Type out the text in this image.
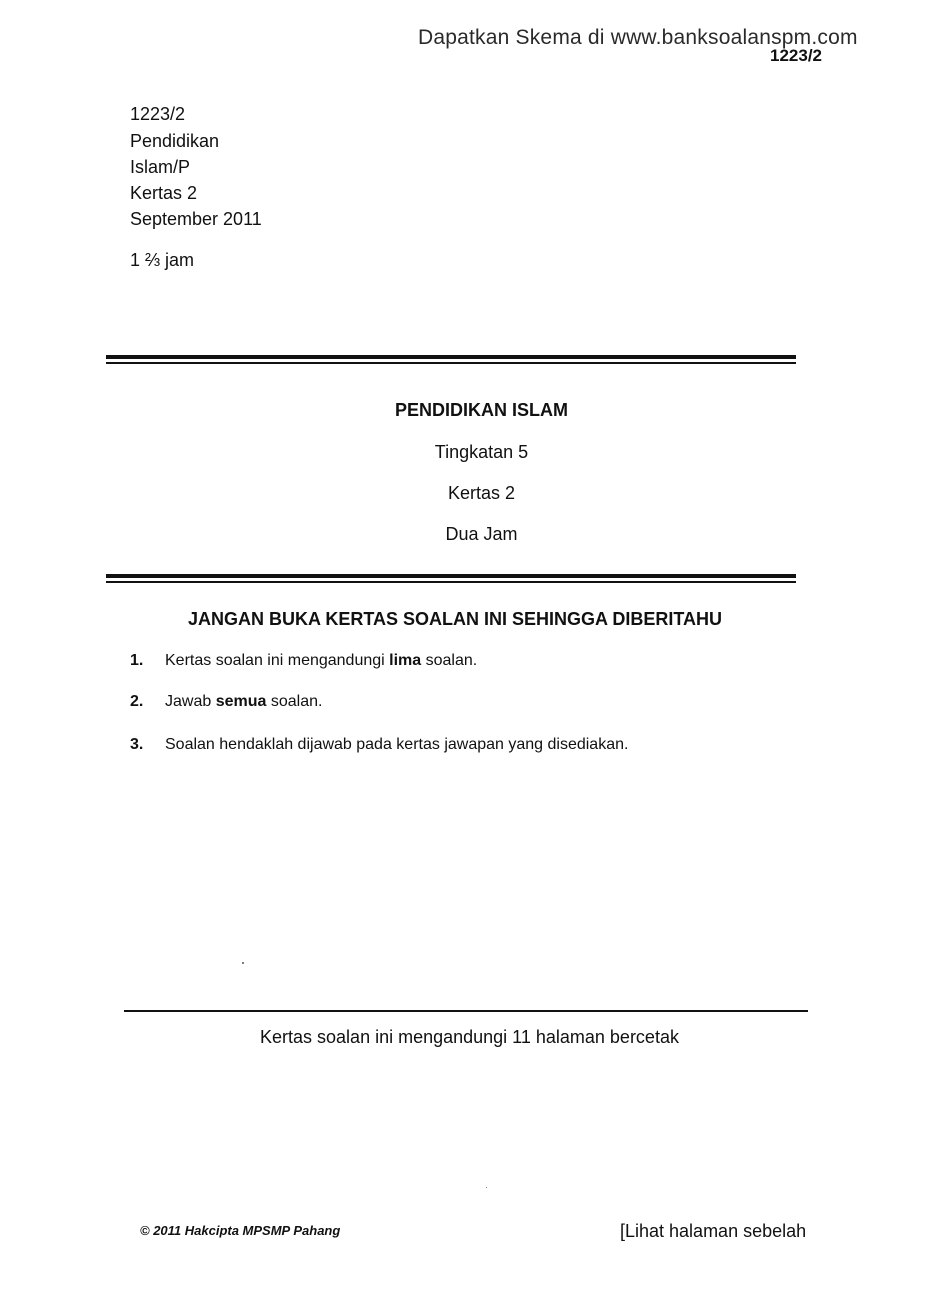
Dapatkan Skema di www.banksoalanspm.com
1223/2
1223/2
Pendidikan
Islam/P
Kertas 2
September 2011
1 ⅔ jam
PENDIDIKAN ISLAM
Tingkatan 5
Kertas 2
Dua Jam
JANGAN BUKA KERTAS SOALAN INI SEHINGGA DIBERITAHU
1. Kertas soalan ini mengandungi lima soalan.
2. Jawab semua soalan.
3. Soalan hendaklah dijawab pada kertas jawapan yang disediakan.
Kertas soalan ini mengandungi 11 halaman bercetak
© 2011 Hakcipta MPSMP Pahang	[Lihat halaman sebelah
